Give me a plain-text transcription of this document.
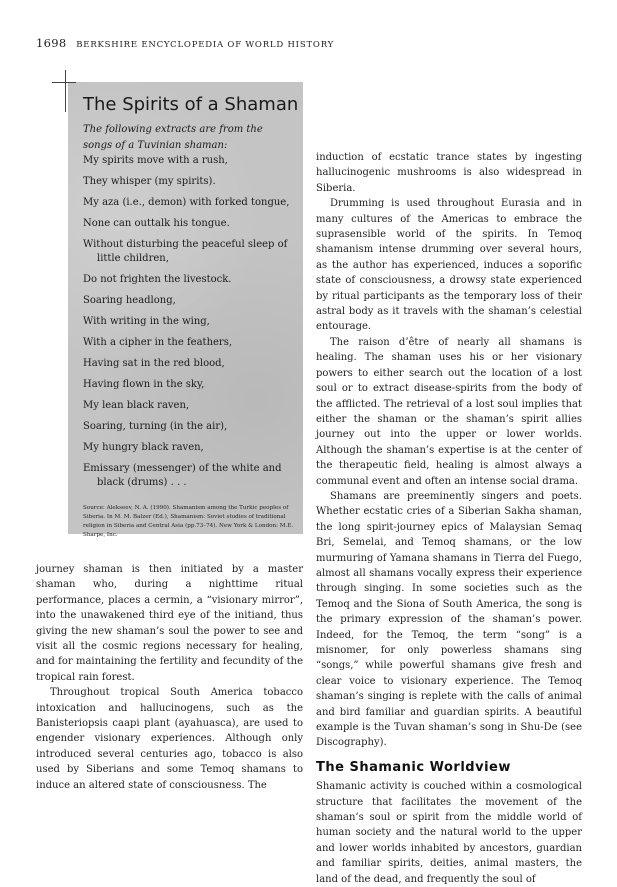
1698 BERKSHIRE ENCYCLOPEDIA OF WORLD HISTORY
The Spirits of a Shaman
The following extracts are from the songs of a Tuvinian shaman:
My spirits move with a rush,
They whisper (my spirits).
My aza (i.e., demon) with forked tongue,
None can outtalk his tongue.
Without disturbing the peaceful sleep of little children,
Do not frighten the livestock.
Soaring headlong,
With writing in the wing,
With a cipher in the feathers,
Having sat in the red blood,
Having flown in the sky,
My lean black raven,
Soaring, turning (in the air),
My hungry black raven,
Emissary (messenger) of the white and black (drums) . . .
Source: Alekseev, N. A. (1990). Shamanism among the Turkic peoples of Siberia. In M. M. Balzer (Ed.), Shamanism: Soviet studies of traditional religion in Siberia and Central Asia (pp.73–74). New York & London: M.E. Sharpe, Inc.

journey shaman is then initiated by a master shaman who, during a nighttime ritual performance, places a cermin, a “visionary mirror”, into the unawakened third eye of the initiand, thus giving the new shaman’s soul the power to see and visit all the cosmic regions necessary for healing, and for maintaining the fertility and fecundity of the tropical rain forest.

Throughout tropical South America tobacco intoxication and hallucinogens, such as the Banisteriopsis caapi plant (ayahuasca), are used to engender visionary experiences. Although only introduced several centuries ago, tobacco is also used by Siberians and some Temoq shamans to induce an altered state of consciousness. The

induction of ecstatic trance states by ingesting hallucinogenic mushrooms is also widespread in Siberia.

Drumming is used throughout Eurasia and in many cultures of the Americas to embrace the suprasensible world of the spirits. In Temoq shamanism intense drumming over several hours, as the author has experienced, induces a soporific state of consciousness, a drowsy state experienced by ritual participants as the temporary loss of their astral body as it travels with the shaman’s celestial entourage.

The raison d’être of nearly all shamans is healing. The shaman uses his or her visionary powers to either search out the location of a lost soul or to extract disease-spirits from the body of the afflicted. The retrieval of a lost soul implies that either the shaman or the shaman’s spirit allies journey out into the upper or lower worlds. Although the shaman’s expertise is at the center of the therapeutic field, healing is almost always a communal event and often an intense social drama.

Shamans are preeminently singers and poets. Whether ecstatic cries of a Siberian Sakha shaman, the long spirit-journey epics of Malaysian Semaq Bri, Semelai, and Temoq shamans, or the low murmuring of Yamana shamans in Tierra del Fuego, almost all shamans vocally express their experience through singing. In some societies such as the Temoq and the Siona of South America, the song is the primary expression of the shaman’s power. Indeed, for the Temoq, the term “song” is a misnomer, for only powerless shamans sing “songs,” while powerful shamans give fresh and clear voice to visionary experience. The Temoq shaman’s singing is replete with the calls of animal and bird familiar and guardian spirits. A beautiful example is the Tuvan shaman’s song in Shu-De (see Discography).

The Shamanic Worldview

Shamanic activity is couched within a cosmological structure that facilitates the movement of the shaman’s soul or spirit from the middle world of human society and the natural world to the upper and lower worlds inhabited by ancestors, guardian and familiar spirits, deities, animal masters, the land of the dead, and frequently the soul of
